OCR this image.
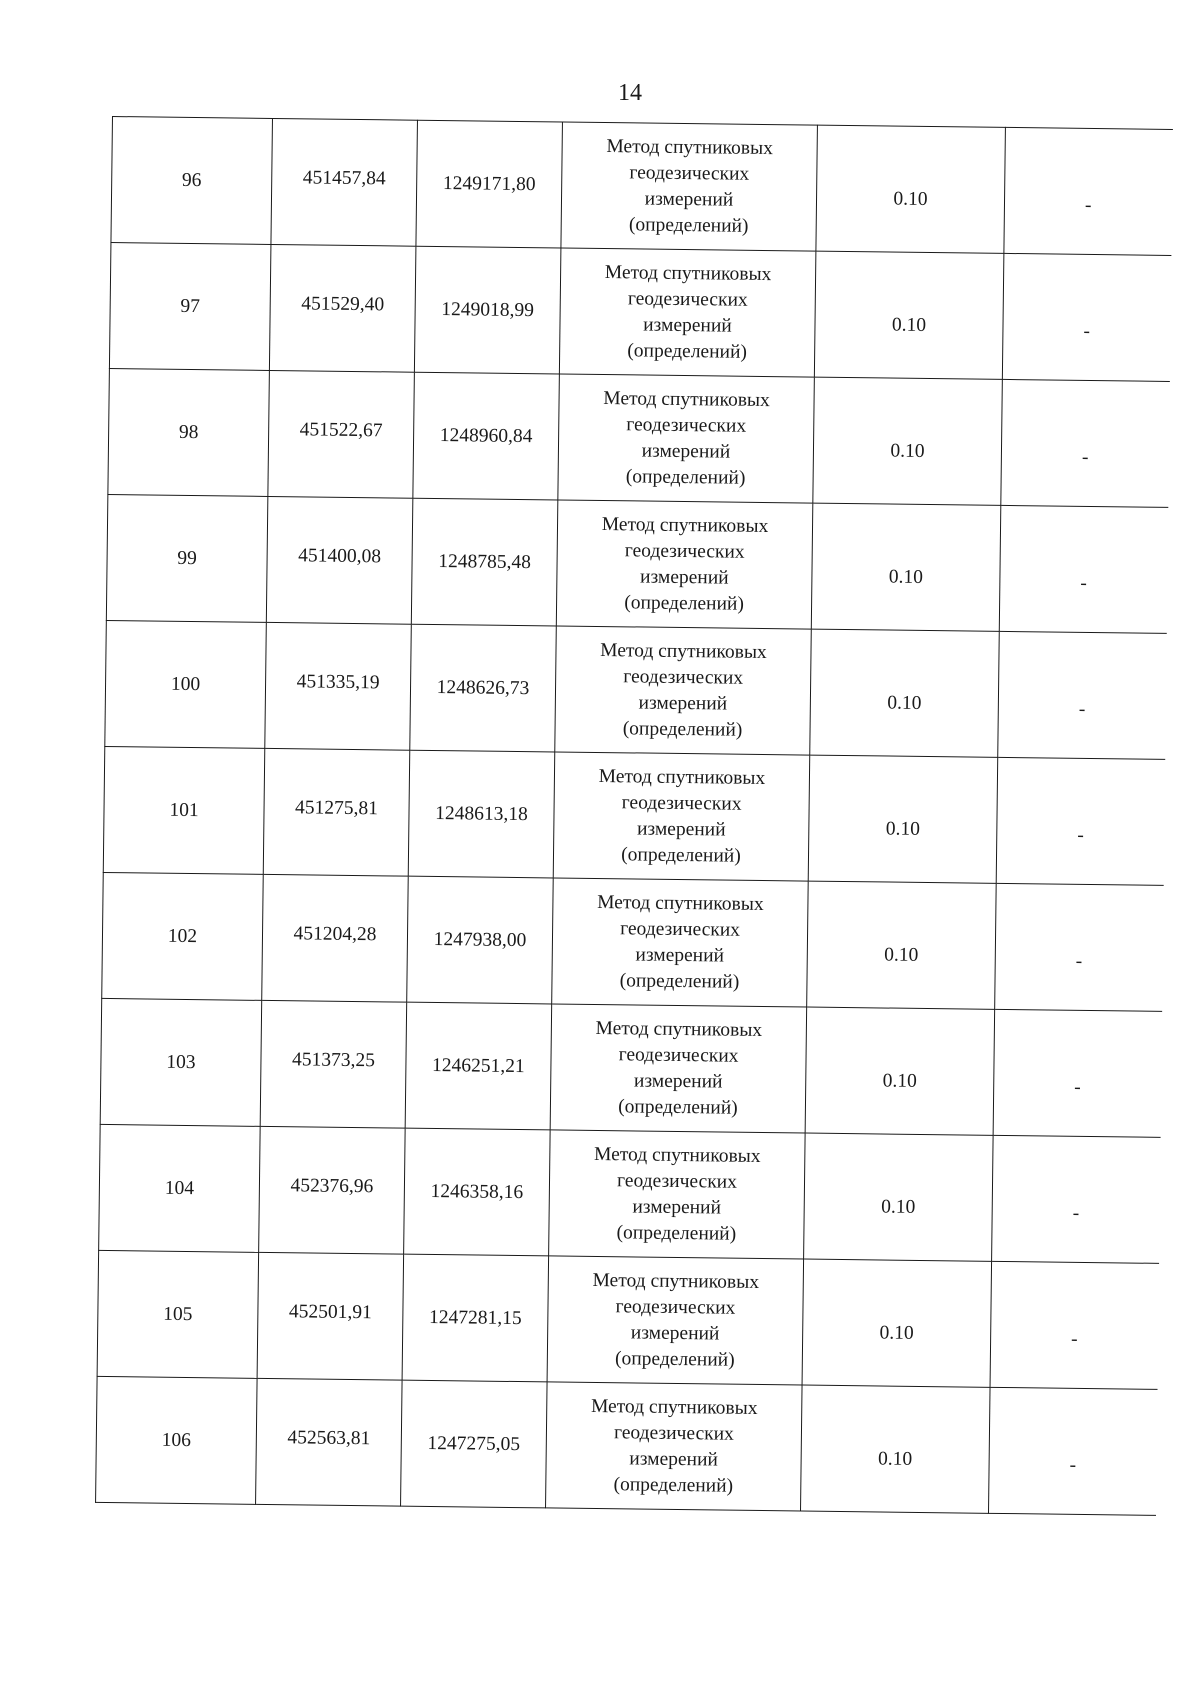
14
96	451457,84	1249171,80	Метод спутниковых геодезических измерений (определений)	0.10	-
97	451529,40	1249018,99	Метод спутниковых геодезических измерений (определений)	0.10	-
98	451522,67	1248960,84	Метод спутниковых геодезических измерений (определений)	0.10	-
99	451400,08	1248785,48	Метод спутниковых геодезических измерений (определений)	0.10	-
100	451335,19	1248626,73	Метод спутниковых геодезических измерений (определений)	0.10	-
101	451275,81	1248613,18	Метод спутниковых геодезических измерений (определений)	0.10	-
102	451204,28	1247938,00	Метод спутниковых геодезических измерений (определений)	0.10	-
103	451373,25	1246251,21	Метод спутниковых геодезических измерений (определений)	0.10	-
104	452376,96	1246358,16	Метод спутниковых геодезических измерений (определений)	0.10	-
105	452501,91	1247281,15	Метод спутниковых геодезических измерений (определений)	0.10	-
106	452563,81	1247275,05	Метод спутниковых геодезических измерений (определений)	0.10	-
